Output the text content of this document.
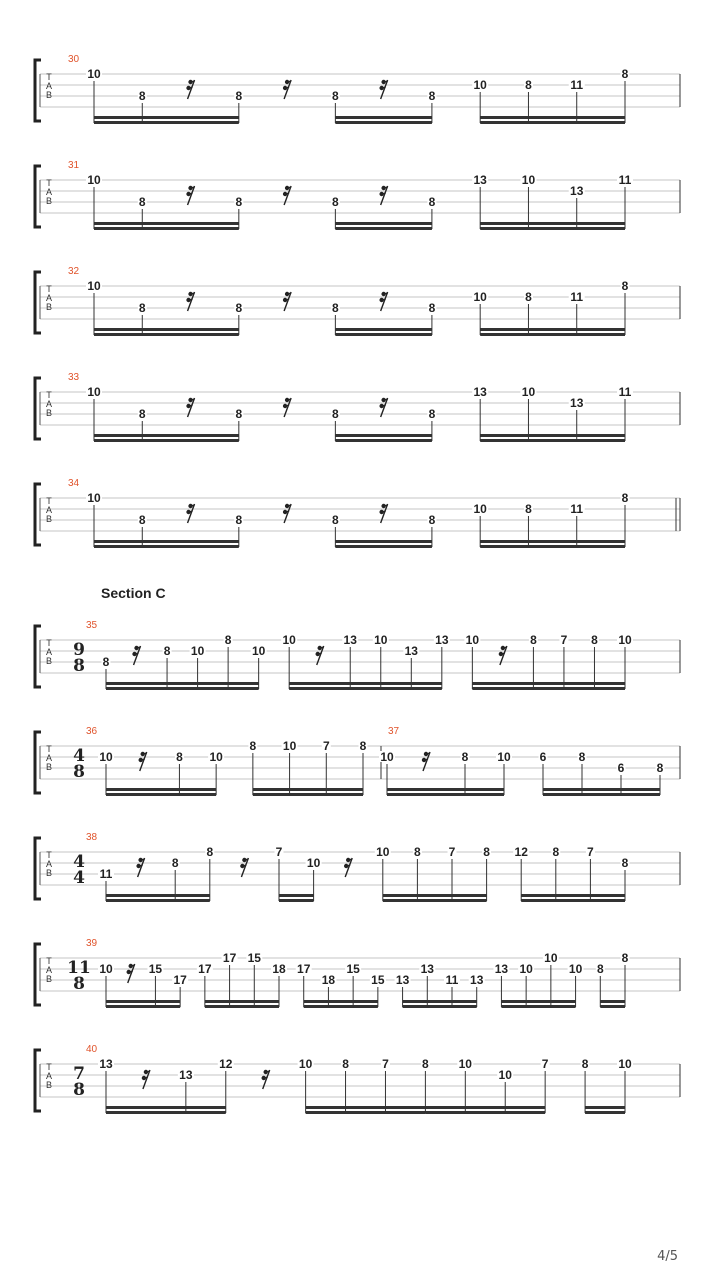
T
A
B
30
10
8	8	8	8
10	8	11
8
T
A
B
31
10
8	8	8	8
13	10
13
11
T
A
B
32
10
8	8	8	8
10	8	11
8
T
A
B
33
10
8	8	8	8
13	10
13
11
T
A
B
34
10
8	8	8	8
10	8	11
8
T
A
B
Section C
35
9
8 8
8 10
8
10
10	13 10
13
13 10	8 7 8 10
T
A
B
36
4
8
10	8 10
8 10 7	8
37
10	8 10 6	8
6	8
T
A
B
38
4
4 11
8
8	7
10
10 8 7 8 12 8 7
8
T
A
B
39
11
8
10	15
17
17
17 15
18 17
18
15
15 13
13
11 13
13 10
10
10 8
8
T
A
B
40
7
8
13
13
12	10 8	7	8 10
10
7	8 10
4/5
